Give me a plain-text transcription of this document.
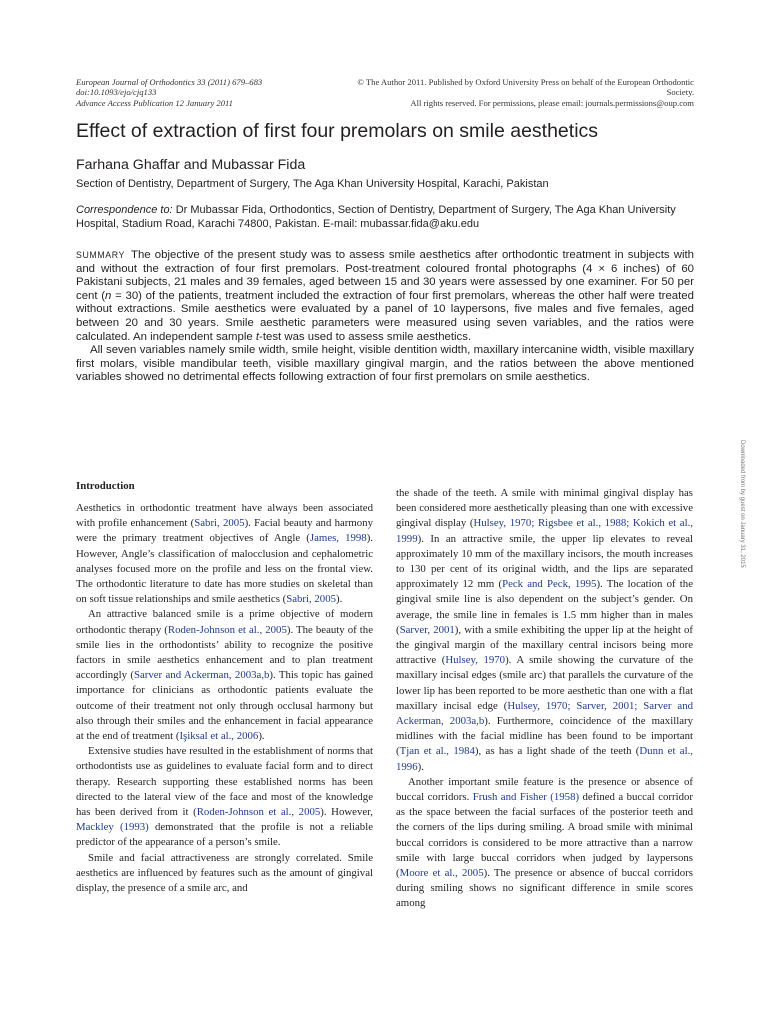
European Journal of Orthodontics 33 (2011) 679–683
doi:10.1093/ejo/cjq133
Advance Access Publication 12 January 2011
© The Author 2011. Published by Oxford University Press on behalf of the European Orthodontic Society.
All rights reserved. For permissions, please email: journals.permissions@oup.com
Effect of extraction of first four premolars on smile aesthetics
Farhana Ghaffar and Mubassar Fida
Section of Dentistry, Department of Surgery, The Aga Khan University Hospital, Karachi, Pakistan
Correspondence to: Dr Mubassar Fida, Orthodontics, Section of Dentistry, Department of Surgery, The Aga Khan University Hospital, Stadium Road, Karachi 74800, Pakistan. E-mail: mubassar.fida@aku.edu

SUMMARY The objective of the present study was to assess smile aesthetics after orthodontic treatment in subjects with and without the extraction of four first premolars. Post-treatment coloured frontal photographs (4 × 6 inches) of 60 Pakistani subjects, 21 males and 39 females, aged between 15 and 30 years were assessed by one examiner. For 50 per cent (n = 30) of the patients, treatment included the extraction of four first premolars, whereas the other half were treated without extractions. Smile aesthetics were evaluated by a panel of 10 laypersons, five males and five females, aged between 20 and 30 years. Smile aesthetic parameters were measured using seven variables, and the ratios were calculated. An independent sample t-test was used to assess smile aesthetics.

All seven variables namely smile width, smile height, visible dentition width, maxillary intercanine width, visible maxillary first molars, visible mandibular teeth, visible maxillary gingival margin, and the ratios between the above mentioned variables showed no detrimental effects following extraction of four first premolars on smile aesthetics.

Downloaded from by guest on January 31, 2015
Introduction

Aesthetics in orthodontic treatment have always been associated with profile enhancement (Sabri, 2005). Facial beauty and harmony were the primary treatment objectives of Angle (James, 1998). However, Angle’s classification of malocclusion and cephalometric analyses focused more on the profile and less on the frontal view. The orthodontic literature to date has more studies on skeletal than on soft tissue relationships and smile aesthetics (Sabri, 2005).

An attractive balanced smile is a prime objective of modern orthodontic therapy (Roden-Johnson et al., 2005). The beauty of the smile lies in the orthodontists’ ability to recognize the positive factors in smile aesthetics enhancement and to plan treatment accordingly (Sarver and Ackerman, 2003a,b). This topic has gained importance for clinicians as orthodontic patients evaluate the outcome of their treatment not only through occlusal harmony but also through their smiles and the enhancement in facial appearance at the end of treatment (Işiksal et al., 2006).

Extensive studies have resulted in the establishment of norms that orthodontists use as guidelines to evaluate facial form and to direct therapy. Research supporting these established norms has been directed to the lateral view of the face and most of the knowledge has been derived from it (Roden-Johnson et al., 2005). However, Mackley (1993) demonstrated that the profile is not a reliable predictor of the appearance of a person’s smile.

Smile and facial attractiveness are strongly correlated. Smile aesthetics are influenced by features such as the amount of gingival display, the presence of a smile arc, and

the shade of the teeth. A smile with minimal gingival display has been considered more aesthetically pleasing than one with excessive gingival display (Hulsey, 1970; Rigsbee et al., 1988; Kokich et al., 1999). In an attractive smile, the upper lip elevates to reveal approximately 10 mm of the maxillary incisors, the mouth increases to 130 per cent of its original width, and the lips are separated approximately 12 mm (Peck and Peck, 1995). The location of the gingival smile line is also dependent on the subject’s gender. On average, the smile line in females is 1.5 mm higher than in males (Sarver, 2001), with a smile exhibiting the upper lip at the height of the gingival margin of the maxillary central incisors being more attractive (Hulsey, 1970). A smile showing the curvature of the maxillary incisal edges (smile arc) that parallels the curvature of the lower lip has been reported to be more aesthetic than one with a flat maxillary incisal edge (Hulsey, 1970; Sarver, 2001; Sarver and Ackerman, 2003a,b). Furthermore, coincidence of the maxillary midlines with the facial midline has been found to be important (Tjan et al., 1984), as has a light shade of the teeth (Dunn et al., 1996).

Another important smile feature is the presence or absence of buccal corridors. Frush and Fisher (1958) defined a buccal corridor as the space between the facial surfaces of the posterior teeth and the corners of the lips during smiling. A broad smile with minimal buccal corridors is considered to be more attractive than a narrow smile with large buccal corridors when judged by laypersons (Moore et al., 2005). The presence or absence of buccal corridors during smiling shows no significant difference in smile scores among
